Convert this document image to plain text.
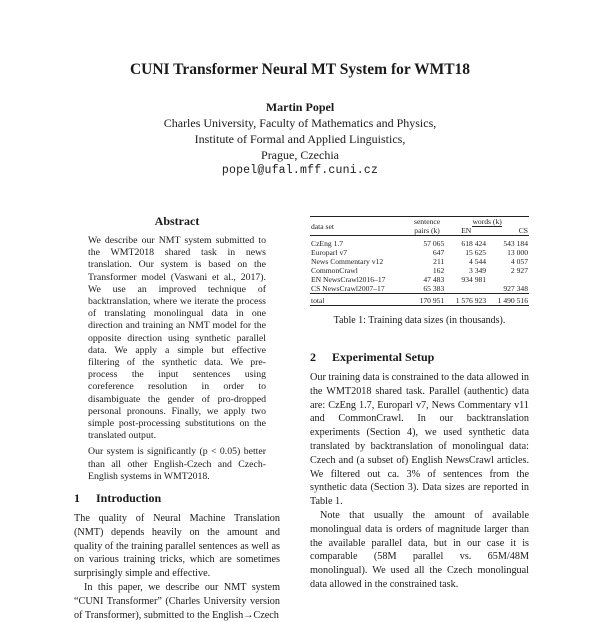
CUNI Transformer Neural MT System for WMT18
Martin Popel
Charles University, Faculty of Mathematics and Physics,
Institute of Formal and Applied Linguistics,
Prague, Czechia
popel@ufal.mff.cuni.cz
Abstract

We describe our NMT system submitted to the WMT2018 shared task in news translation. Our system is based on the Transformer model (Vaswani et al., 2017). We use an improved technique of backtranslation, where we iterate the process of translating monolingual data in one direction and training an NMT model for the opposite direction using synthetic parallel data. We apply a simple but effective filtering of the synthetic data. We pre-process the input sentences using coreference resolution in order to disambiguate the gender of pro-dropped personal pronouns. Finally, we apply two simple post-processing substitutions on the translated output.

Our system is significantly (p < 0.05) better than all other English-Czech and Czech-English systems in WMT2018.

1 Introduction

The quality of Neural Machine Translation (NMT) depends heavily on the amount and quality of the training parallel sentences as well as on various training tricks, which are sometimes surprisingly simple and effective.

In this paper, we describe our NMT system “CUNI Transformer” (Charles University version of Transformer), submitted to the English→Czech

data set	sentence	words (k)	
	pairs (k)	EN	CS

CzEng 1.7	57 065	618 424	543 184
Europarl v7	647	15 625	13 000
News Commentary v12	211	4 544	4 057
CommonCrawl	162	3 349	2 927
EN NewsCrawl2016–17	47 483	934 981	
CS NewsCrawl2007–17	65 383		927 348

total	170 951	1 576 923	1 490 516
Table 1: Training data sizes (in thousands).
2 Experimental Setup

Our training data is constrained to the data allowed in the WMT2018 shared task. Parallel (authentic) data are: CzEng 1.7, Europarl v7, News Commentary v11 and CommonCrawl. In our backtranslation experiments (Section 4), we used synthetic data translated by backtranslation of monolingual data: Czech and (a subset of) English NewsCrawl articles. We filtered out ca. 3% of sentences from the synthetic data (Section 3). Data sizes are reported in Table 1.

Note that usually the amount of available monolingual data is orders of magnitude larger than the available parallel data, but in our case it is comparable (58M parallel vs. 65M/48M monolingual). We used all the Czech monolingual data allowed in the constrained task.
